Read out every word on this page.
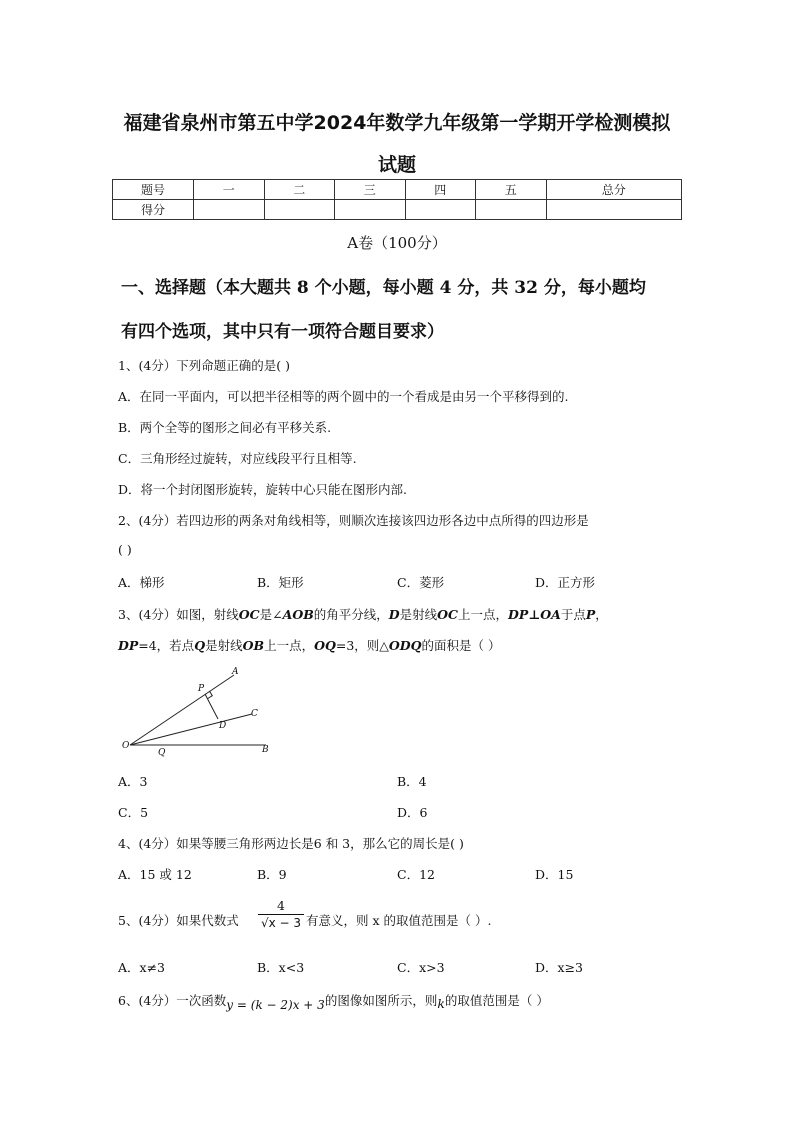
福建省泉州市第五中学2024年数学九年级第一学期开学检测模拟
试题
题号	一	二	三	四	五	总分
得分						
A卷（100分）
一、选择题（本大题共 8 个小题，每小题 4 分，共 32 分，每小题均
有四个选项，其中只有一项符合题目要求）
1、(4分）下列命题正确的是( )
A．在同一平面内，可以把半径相等的两个圆中的一个看成是由另一个平移得到的.
B．两个全等的图形之间必有平移关系.
C．三角形经过旋转，对应线段平行且相等.
D．将一个封闭图形旋转，旋转中心只能在图形内部.
2、(4分）若四边形的两条对角线相等，则顺次连接该四边形各边中点所得的四边形是
( )
A．梯形	B．矩形	C．菱形	D．正方形
3、(4分）如图，射线OC是∠AOB的角平分线，D是射线OC上一点，DP⊥OA于点P，
DP=4，若点Q是射线OB上一点，OQ=3，则△ODQ的面积是（ ）
A
P
C
D
O
Q	B
A．3	B．4
C．5	D．6
4、(4分）如果等腰三角形两边长是6 和 3，那么它的周长是( )
A．15 或 12	B．9	C．12	D．15
5、(4分）如果代数式
4
√x − 3 有意义，则 x 的取值范围是（ ）.
A．x≠3	B．x<3	C．x>3	D．x≥3
6、(4分）一次函数y = (k − 2)x + 3的图像如图所示，则k的取值范围是（ ）
